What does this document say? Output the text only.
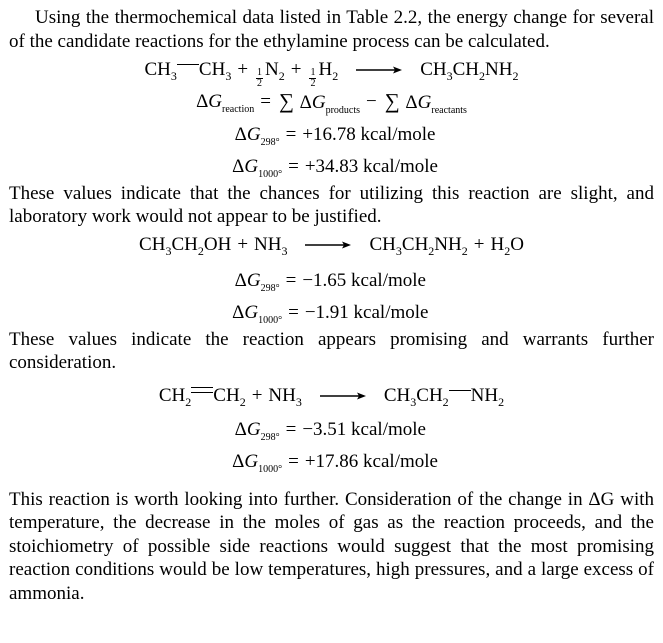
Using the thermochemical data listed in Table 2.2, the energy change for several of the candidate reactions for the ethylamine process can be calculated.

$CH_3$ $CH_3 + \frac{1}{2} N_2 + \frac{1}{2} H_2 \to CH_3CH_2NH_2$
$\Delta G_{reaction}$ = ∑ $\Delta G_{products}$ − ∑ $\Delta G_{reactants}$
$\Delta G_{298^\circ} = +16.78$ kcal/mole
$\Delta G_{1000^\circ} = +34.83$ kcal/mole

These values indicate that the chances for utilizing this reaction are slight, and laboratory work would not appear to be justified.

$CH_3CH_2OH + NH_3 \to CH_3CH_2NH_2 + H_2O$
$\Delta G_{298^\circ} = -1.65$ kcal/mole
$\Delta G_{1000^\circ} = -1.91$ kcal/mole

These values indicate the reaction appears promising and warrants further consideration.

$CH_2$ $CH_2 + NH_3 \to CH_3CH_2$ $NH_2$
$\Delta G_{298^\circ} = -3.51$ kcal/mole
$\Delta G_{1000^\circ} = +17.86$ kcal/mole

This reaction is worth looking into further. Consideration of the change in ΔG with temperature, the decrease in the moles of gas as the reaction proceeds, and the stoichiometry of possible side reactions would suggest that the most promising reaction conditions would be low temperatures, high pressures, and a large excess of ammonia.
